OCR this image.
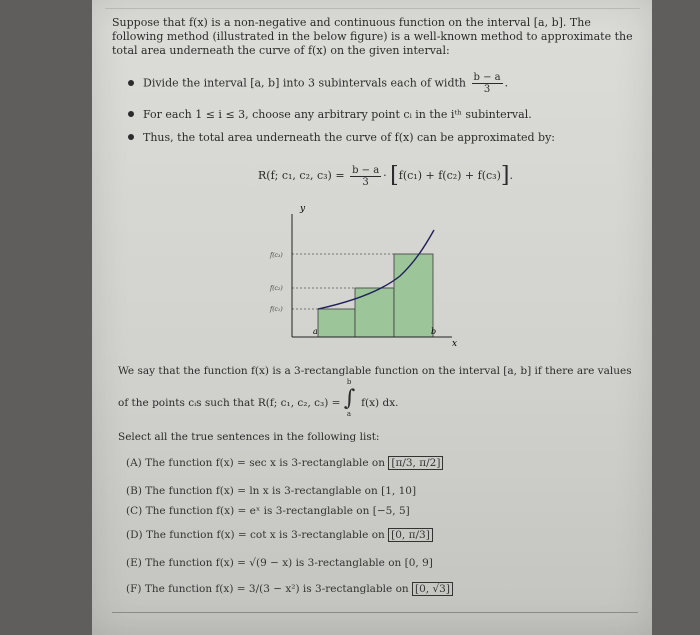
Suppose that f(x) is a non-negative and continuous function on the interval [a, b]. The following method (illustrated in the below figure) is a well-known method to approximate the total area underneath the curve of f(x) on the given interval:
Divide the interval [a, b] into 3 subintervals each of width $\frac{b - a}{3}$ .
For each 1 ≤ i ≤ 3, choose any arbitrary point cᵢ in the iᵗʰ subinterval.
Thus, the total area underneath the curve of f(x) can be approximated by:
R(f; c₁, c₂, $c_3) = \frac{b - a}{3} \cdot [f(c_1) + f(c_2) + f(c_3)]$.
y
x
a	b
f(c₃)
f(c₂)
f(c₁)
We say that the function f(x) is a 3-rectanglable function on the interval [a, b] if there are values
of the points cᵢs such that R(f; c₁, c₂, c₃) =
b
∫
a
f(x) dx.
Select all the true sentences in the following list:
(A) The function f(x) = sec x is 3-rectanglable on [π/3, π/2]
(B) The function f(x) = ln x is 3-rectanglable on [1, 10]
(C) The function f(x) = eˣ is 3-rectanglable on [−5, 5]
(D) The function f(x) = cot x is 3-rectanglable on [0, π/3]
(E) The function f(x) = √(9 − x) is 3-rectanglable on [0, 9]
(F) The function f(x) = 3/(3 − x²) is 3-rectanglable on [0, √3]
